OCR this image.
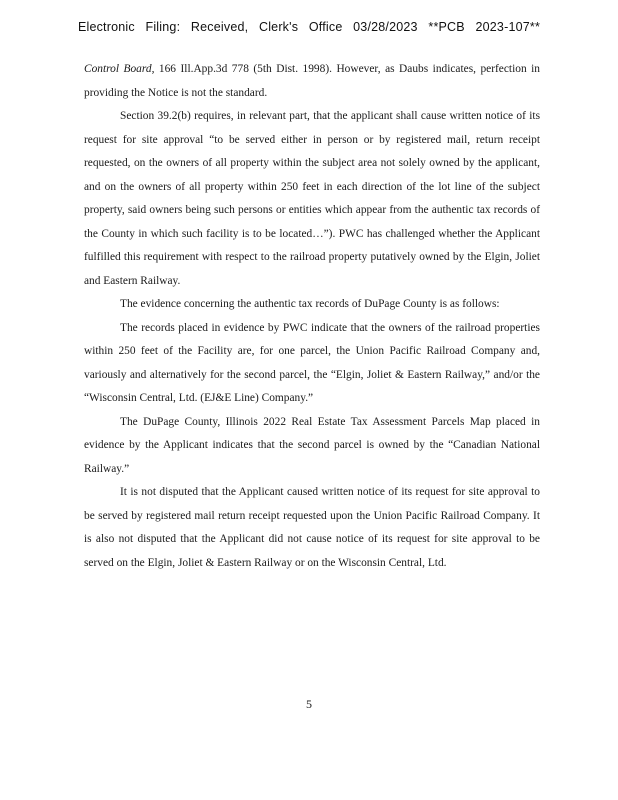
Electronic Filing: Received, Clerk's Office 03/28/2023 **PCB 2023-107**

Control Board, 166 Ill.App.3d 778 (5th Dist. 1998). However, as Daubs indicates, perfection in providing the Notice is not the standard.

Section 39.2(b) requires, in relevant part, that the applicant shall cause written notice of its request for site approval “to be served either in person or by registered mail, return receipt requested, on the owners of all property within the subject area not solely owned by the applicant, and on the owners of all property within 250 feet in each direction of the lot line of the subject property, said owners being such persons or entities which appear from the authentic tax records of the County in which such facility is to be located…”). PWC has challenged whether the Applicant fulfilled this requirement with respect to the railroad property putatively owned by the Elgin, Joliet and Eastern Railway.

The evidence concerning the authentic tax records of DuPage County is as follows:

The records placed in evidence by PWC indicate that the owners of the railroad properties within 250 feet of the Facility are, for one parcel, the Union Pacific Railroad Company and, variously and alternatively for the second parcel, the “Elgin, Joliet & Eastern Railway,” and/or the “Wisconsin Central, Ltd. (EJ&E Line) Company.”

The DuPage County, Illinois 2022 Real Estate Tax Assessment Parcels Map placed in evidence by the Applicant indicates that the second parcel is owned by the “Canadian National Railway.”

It is not disputed that the Applicant caused written notice of its request for site approval to be served by registered mail return receipt requested upon the Union Pacific Railroad Company. It is also not disputed that the Applicant did not cause notice of its request for site approval to be served on the Elgin, Joliet & Eastern Railway or on the Wisconsin Central, Ltd.

5
